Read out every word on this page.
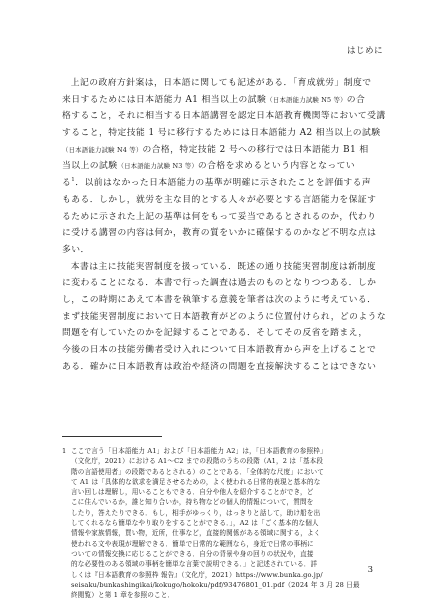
はじめに
上記の政府方針案は，日本語に関しても記述がある．「育成就労」制度で
来日するためには日本語能力 A1 相当以上の試験（日本語能力試験 N5 等）の合
格すること，それに相当する日本語講習を認定日本語教育機関等において受講
すること，特定技能 1 号に移行するためには日本語能力 A2 相当以上の試験
（日本語能力試験 N4 等）の合格，特定技能 2 号への移行では日本語能力 B1 相
当以上の試験（日本語能力試験 N3 等）の合格を求めるという内容となってい
る$^1$．以前はなかった日本語能力の基準が明確に示されたことを評価する声
もある．しかし，就労を主な目的とする人々が必要とする言語能力を保証す
るために示された上記の基準は何をもって妥当であるとされるのか，代わり
に受ける講習の内容は何か，教育の質をいかに確保するのかなど不明な点は
多い．
本書は主に技能実習制度を扱っている．既述の通り技能実習制度は新制度
に変わることになる．本書で行った調査は過去のものとなりつつある．しか
し，この時期にあえて本書を執筆する意義を筆者は次のように考えている．
まず技能実習制度において日本語教育がどのように位置付けられ，どのような
問題を有していたのかを記録することである．そしてその反省を踏まえ，
今後の日本の技能労働者受け入れについて日本語教育から声を上げることで
ある．確かに日本語教育は政治や経済の問題を直接解決することはできない
1 ここで言う「日本語能力 A1」および「日本語能力 A2」は，「日本語教育の参照枠」
（文化庁，2021）における A1～C2 までの段階のうちの段階（A1，2 は「基本段
階の言語使用者」の段階であるとされる）のことである．「全体的な尺度」において
て A1 は「具体的な欲求を満足させるための，よく使われる日常的表現と基本的な
言い回しは理解し，用いることもできる．自分や他人を紹介することができ，ど
こに住んでいるか，誰と知り合いか，持ち物などの個人的情報について，質問を
したり，答えたりできる．もし，相手がゆっくり，はっきりと話して，助け船を出
してくれるなら簡単なやり取りをすることができる．」，A2 は「ごく基本的な個人
情報や家族情報，買い物，近所，仕事など，直接的関係がある領域に関する，よく
使われる文や表現が理解できる．簡単で日常的な範囲なら，身近で日常の事柄に
ついての情報交換に応じることができる．自分の背景や身の回りの状況や，直接
的な必要性のある領域の事柄を簡単な言葉で説明できる．」と記述されている．詳
しくは『日本語教育の参照枠 報告』（文化庁，2021）https://www.bunka.go.jp/
seisaku/bunkashingikai/kokugo/hokoku/pdf/93476801_01.pdf（2024 年 3 月 28 日最
終閲覧）と第 1 章を参照のこと．
3
